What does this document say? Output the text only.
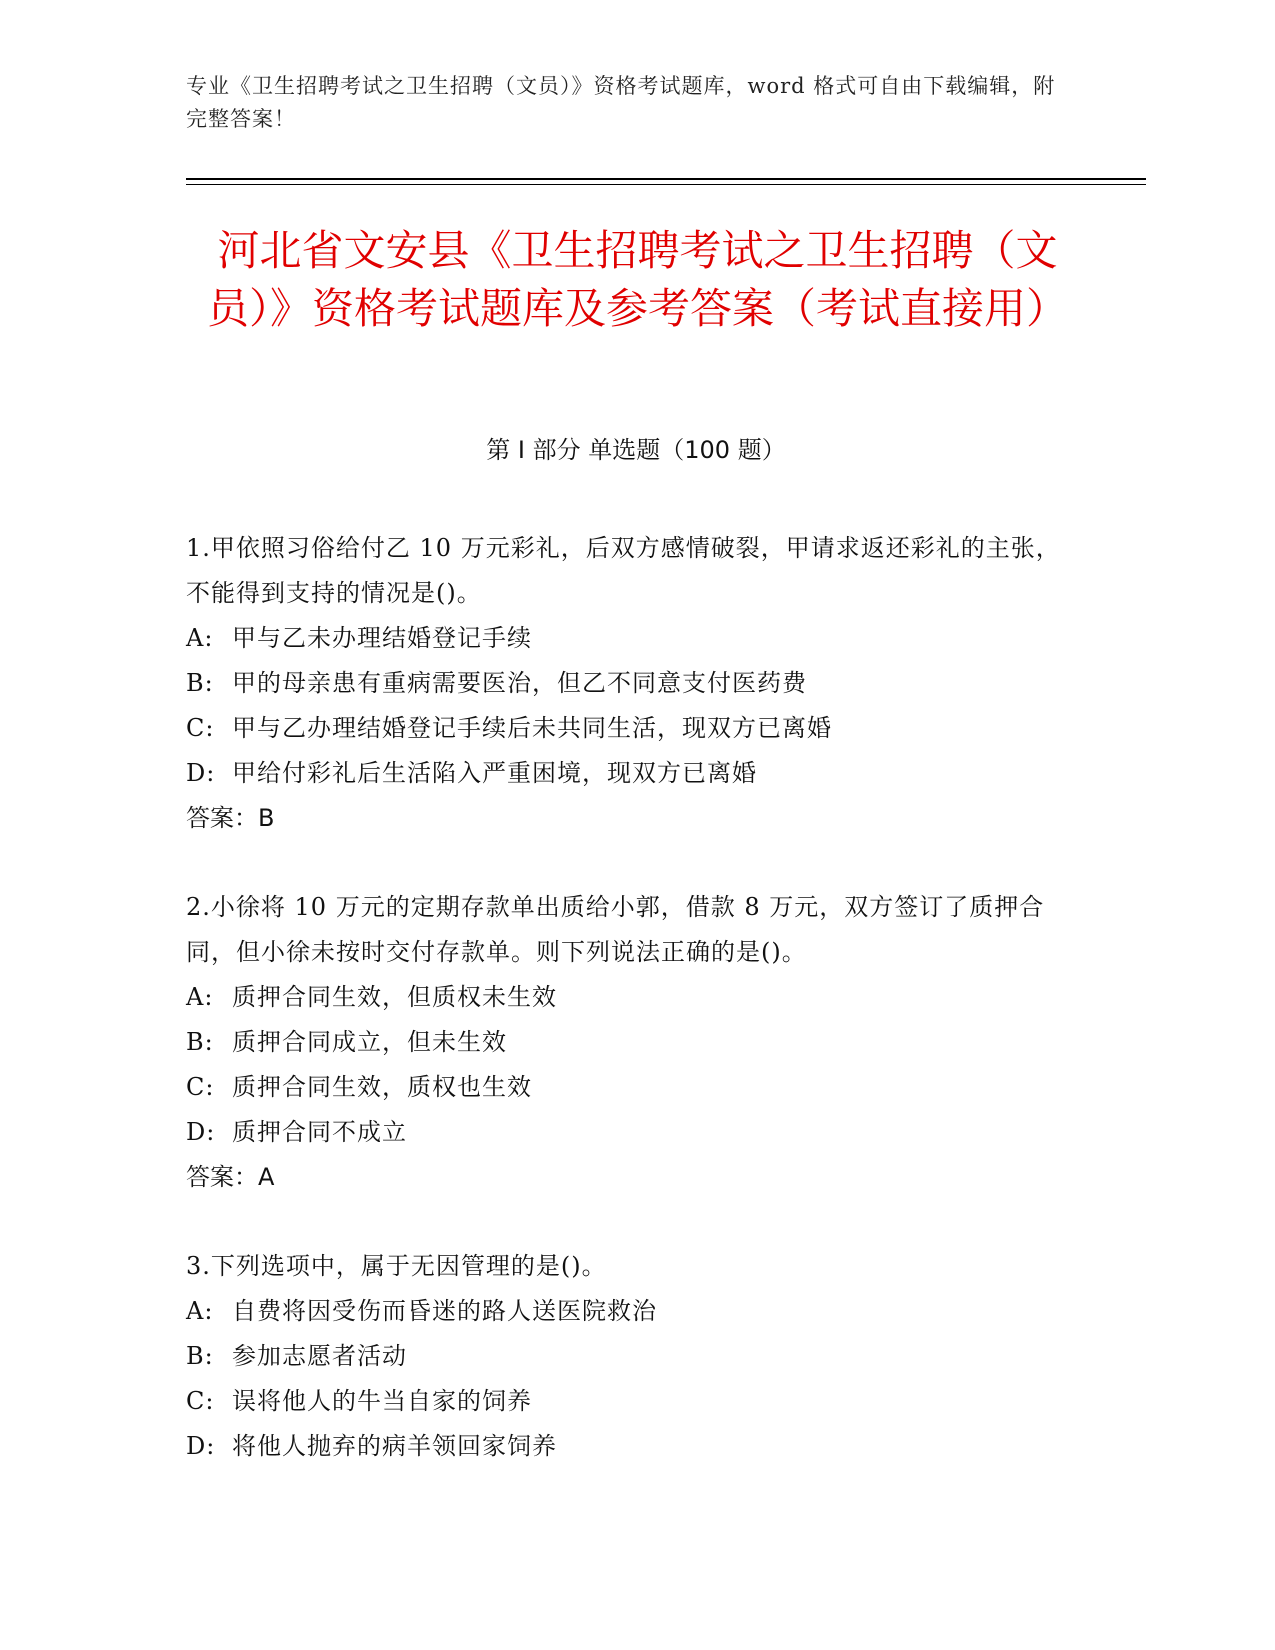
专业《卫生招聘考试之卫生招聘（文员）》资格考试题库，word 格式可自由下载编辑，附完整答案！
河北省文安县《卫生招聘考试之卫生招聘（文员）》资格考试题库及参考答案（考试直接用）
第 I 部分 单选题（100 题）
1.甲依照习俗给付乙 10 万元彩礼，后双方感情破裂，甲请求返还彩礼的主张，不能得到支持的情况是()。
A: 甲与乙未办理结婚登记手续
B: 甲的母亲患有重病需要医治，但乙不同意支付医药费
C: 甲与乙办理结婚登记手续后未共同生活，现双方已离婚
D: 甲给付彩礼后生活陷入严重困境，现双方已离婚
答案：B
2.小徐将 10 万元的定期存款单出质给小郭，借款 8 万元，双方签订了质押合同，但小徐未按时交付存款单。则下列说法正确的是()。
A: 质押合同生效，但质权未生效
B: 质押合同成立，但未生效
C: 质押合同生效，质权也生效
D: 质押合同不成立
答案：A
3.下列选项中，属于无因管理的是()。
A: 自费将因受伤而昏迷的路人送医院救治
B: 参加志愿者活动
C: 误将他人的牛当自家的饲养
D: 将他人抛弃的病羊领回家饲养
